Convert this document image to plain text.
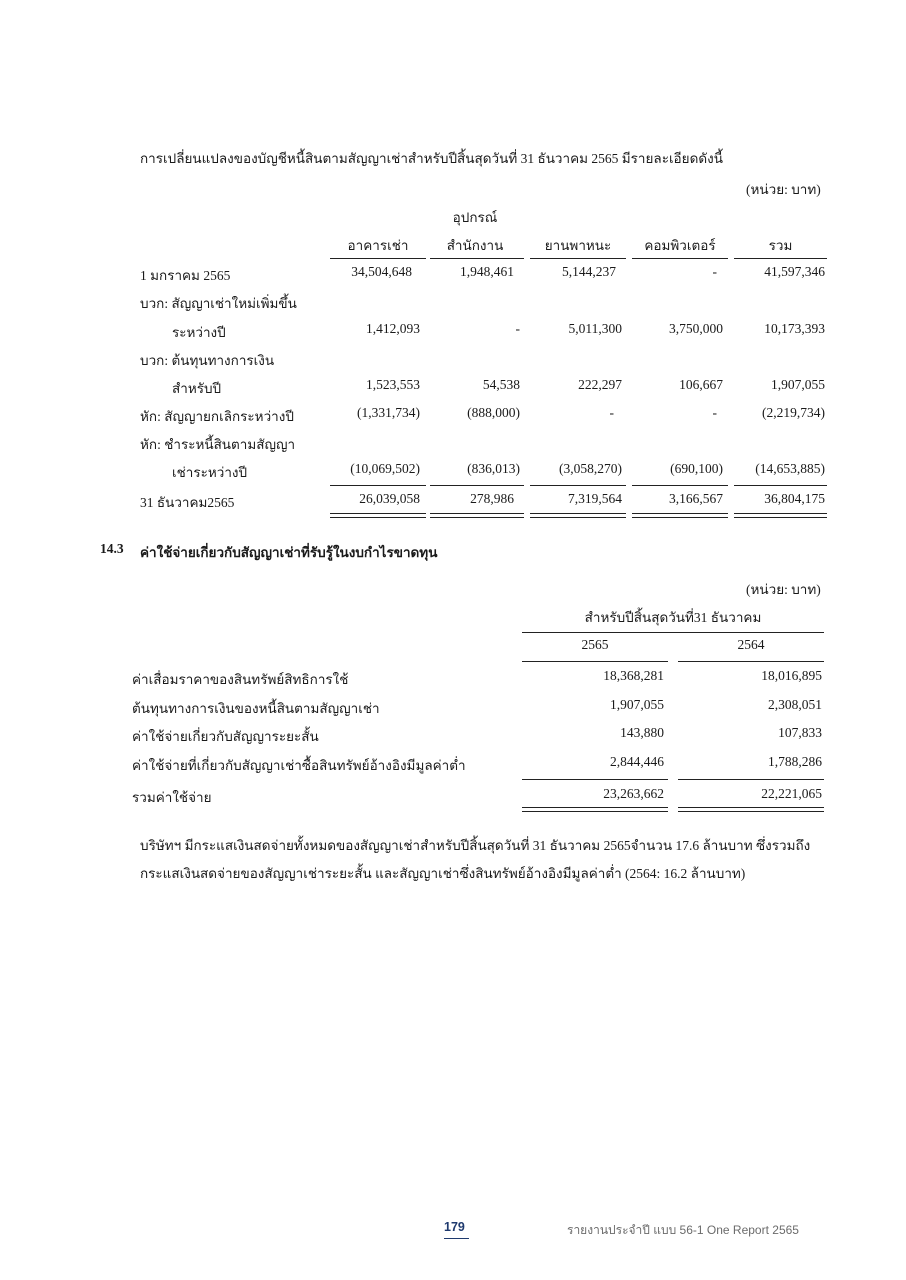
การเปลี่ยนแปลงของบัญชีหนี้สินตามสัญญาเช่าสำหรับปีสิ้นสุดวันที่ 31 ธันวาคม 2565 มีรายละเอียดดังนี้
(หน่วย: บาท)
อุปกรณ์
อาคารเช่า	สำนักงาน	ยานพาหนะ	คอมพิวเตอร์	รวม
1 มกราคม 2565	34,504,648	1,948,461	5,144,237	-	41,597,346
บวก: สัญญาเช่าใหม่เพิ่มขึ้น
ระหว่างปี	1,412,093	-	5,011,300	3,750,000	10,173,393
บวก: ต้นทุนทางการเงิน
สำหรับปี	1,523,553	54,538	222,297	106,667	1,907,055
หัก: สัญญายกเลิกระหว่างปี	(1,331,734)	(888,000)	-	-	(2,219,734)
หัก: ชำระหนี้สินตามสัญญา
เช่าระหว่างปี	(10,069,502)	(836,013)	(3,058,270)	(690,100)	(14,653,885)
31 ธันวาคม2565	26,039,058	278,986	7,319,564	3,166,567	36,804,175
14.3 ค่าใช้จ่ายเกี่ยวกับสัญญาเช่าที่รับรู้ในงบกำไรขาดทุน
(หน่วย: บาท)
สำหรับปีสิ้นสุดวันที่31 ธันวาคม
2565	2564
ค่าเสื่อมราคาของสินทรัพย์สิทธิการใช้	18,368,281	18,016,895
ต้นทุนทางการเงินของหนี้สินตามสัญญาเช่า	1,907,055	2,308,051
ค่าใช้จ่ายเกี่ยวกับสัญญาระยะสั้น	143,880	107,833
ค่าใช้จ่ายที่เกี่ยวกับสัญญาเช่าซื้อสินทรัพย์อ้างอิงมีมูลค่าต่ำ	2,844,446	1,788,286
รวมค่าใช้จ่าย	23,263,662	22,221,065
บริษัทฯ มีกระแสเงินสดจ่ายทั้งหมดของสัญญาเช่าสำหรับปีสิ้นสุดวันที่ 31 ธันวาคม 2565จำนวน 17.6 ล้านบาท ซึ่งรวมถึง
กระแสเงินสดจ่ายของสัญญาเช่าระยะสั้น และสัญญาเช่าซึ่งสินทรัพย์อ้างอิงมีมูลค่าต่ำ (2564: 16.2 ล้านบาท)
179	รายงานประจำปี แบบ 56-1 One Report 2565
